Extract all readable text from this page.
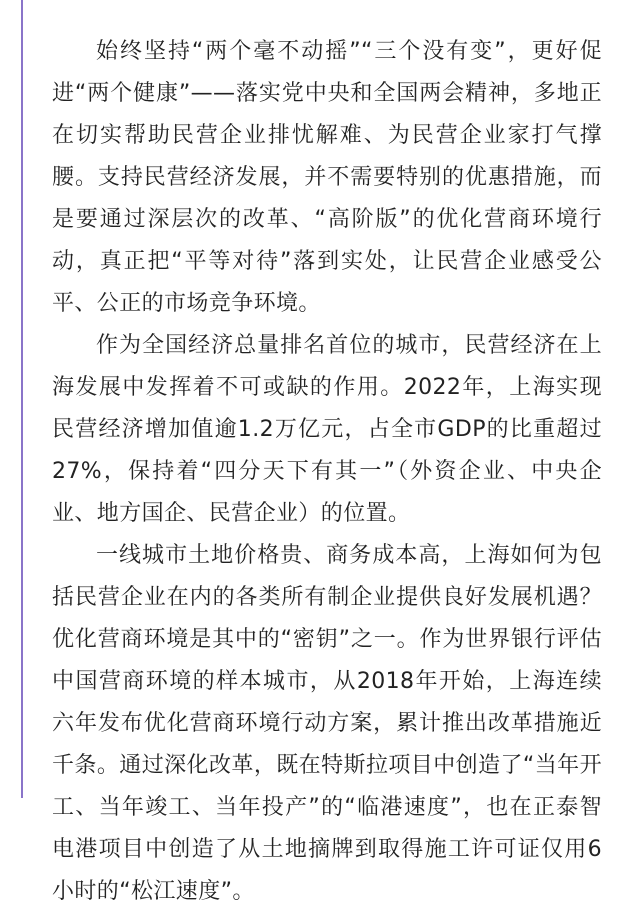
始终坚持“两个毫不动摇”“三个没有变”，更好促进“两个健康”——落实党中央和全国两会精神，多地正在切实帮助民营企业排忧解难、为民营企业家打气撑腰。支持民营经济发展，并不需要特别的优惠措施，而是要通过深层次的改革、“高阶版”的优化营商环境行动，真正把“平等对待”落到实处，让民营企业感受公平、公正的市场竞争环境。

作为全国经济总量排名首位的城市，民营经济在上海发展中发挥着不可或缺的作用。2022年，上海实现民营经济增加值逾1.2万亿元，占全市GDP的比重超过27%，保持着“四分天下有其一”（外资企业、中央企业、地方国企、民营企业）的位置。

一线城市土地价格贵、商务成本高，上海如何为包括民营企业在内的各类所有制企业提供良好发展机遇？优化营商环境是其中的“密钥”之一。作为世界银行评估中国营商环境的样本城市，从2018年开始，上海连续六年发布优化营商环境行动方案，累计推出改革措施近千条。通过深化改革，既在特斯拉项目中创造了“当年开工、当年竣工、当年投产”的“临港速度”，也在正泰智电港项目中创造了从土地摘牌到取得施工许可证仅用6小时的“松江速度”。
